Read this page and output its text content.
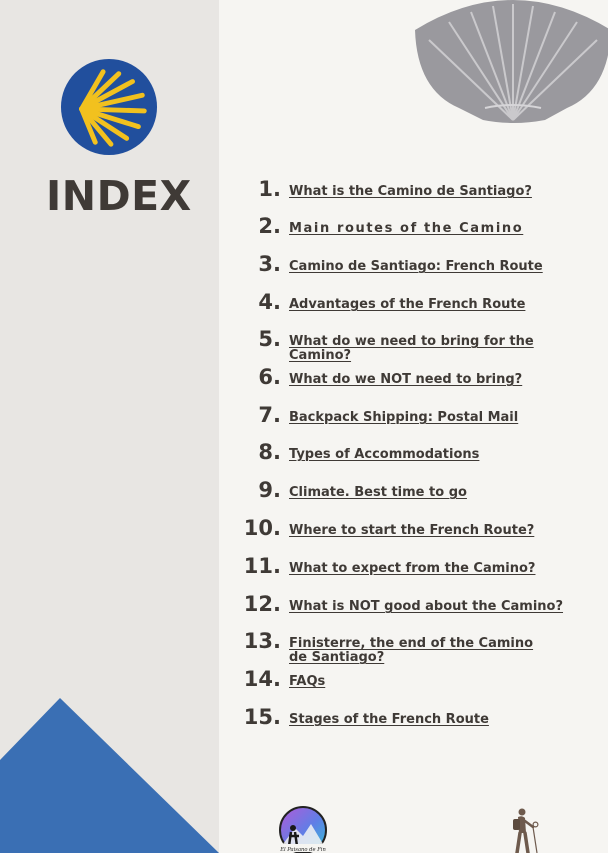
INDEX	1. What is the Camino de Santiago?
2. Main routes of the Camino
3. Camino de Santiago: French Route
4. Advantages of the French Route
5. What do we need to bring for the Camino?
6. What do we NOT need to bring?
7. Backpack Shipping: Postal Mail
8. Types of Accommodations
9. Climate. Best time to go
10. Where to start the French Route?
11. What to expect from the Camino?
12. What is NOT good about the Camino?
13. Finisterre, the end of the Camino de Santiago?
14. FAQs
15. Stages of the French Route
El Paisano de Fin
